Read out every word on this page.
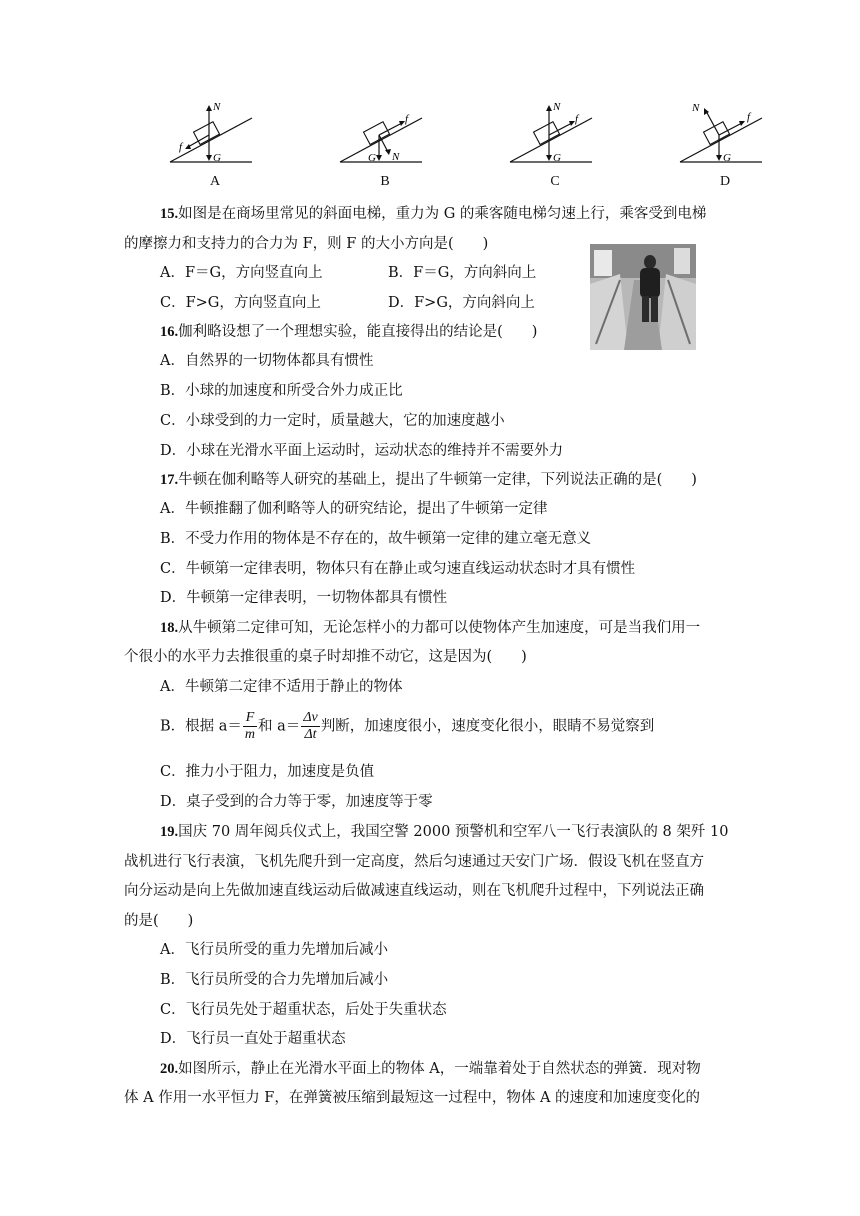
N
f
G
A
f
G N
B
N
f
G
C
N
f
G
D
15.如图是在商场里常见的斜面电梯，重力为 G 的乘客随电梯匀速上行，乘客受到电梯
的摩擦力和支持力的合力为 F，则 F 的大小方向是(　　)
A．F＝G，方向竖直向上	B．F＝G，方向斜向上
C．F>G，方向竖直向上	D．F>G，方向斜向上
16.伽利略设想了一个理想实验，能直接得出的结论是(　　)
A．自然界的一切物体都具有惯性
B．小球的加速度和所受合外力成正比
C．小球受到的力一定时，质量越大，它的加速度越小
D．小球在光滑水平面上运动时，运动状态的维持并不需要外力
17.牛顿在伽利略等人研究的基础上，提出了牛顿第一定律，下列说法正确的是(　　)
A．牛顿推翻了伽利略等人的研究结论，提出了牛顿第一定律
B．不受力作用的物体是不存在的，故牛顿第一定律的建立毫无意义
C．牛顿第一定律表明，物体只有在静止或匀速直线运动状态时才具有惯性
D．牛顿第一定律表明，一切物体都具有惯性
18.从牛顿第二定律可知，无论怎样小的力都可以使物体产生加速度，可是当我们用一
个很小的水平力去推很重的桌子时却推不动它，这是因为(　　)
A．牛顿第二定律不适用于静止的物体
B．根据 $a= \frac{F}{m}$ 和 $a= \frac{\Delta v}{\Delta t}$ 判断，加速度很小，速度变化很小，眼睛不易觉察到
C．推力小于阻力，加速度是负值
D．桌子受到的合力等于零，加速度等于零
19.国庆 70 周年阅兵仪式上，我国空警 2000 预警机和空军八一飞行表演队的 8 架歼 10
战机进行飞行表演，飞机先爬升到一定高度，然后匀速通过天安门广场．假设飞机在竖直方
向分运动是向上先做加速直线运动后做减速直线运动，则在飞机爬升过程中，下列说法正确
的是(　　)
A．飞行员所受的重力先增加后减小
B．飞行员所受的合力先增加后减小
C．飞行员先处于超重状态，后处于失重状态
D．飞行员一直处于超重状态
20.如图所示，静止在光滑水平面上的物体 A，一端靠着处于自然状态的弹簧．现对物
体 A 作用一水平恒力 F，在弹簧被压缩到最短这一过程中，物体 A 的速度和加速度变化的
